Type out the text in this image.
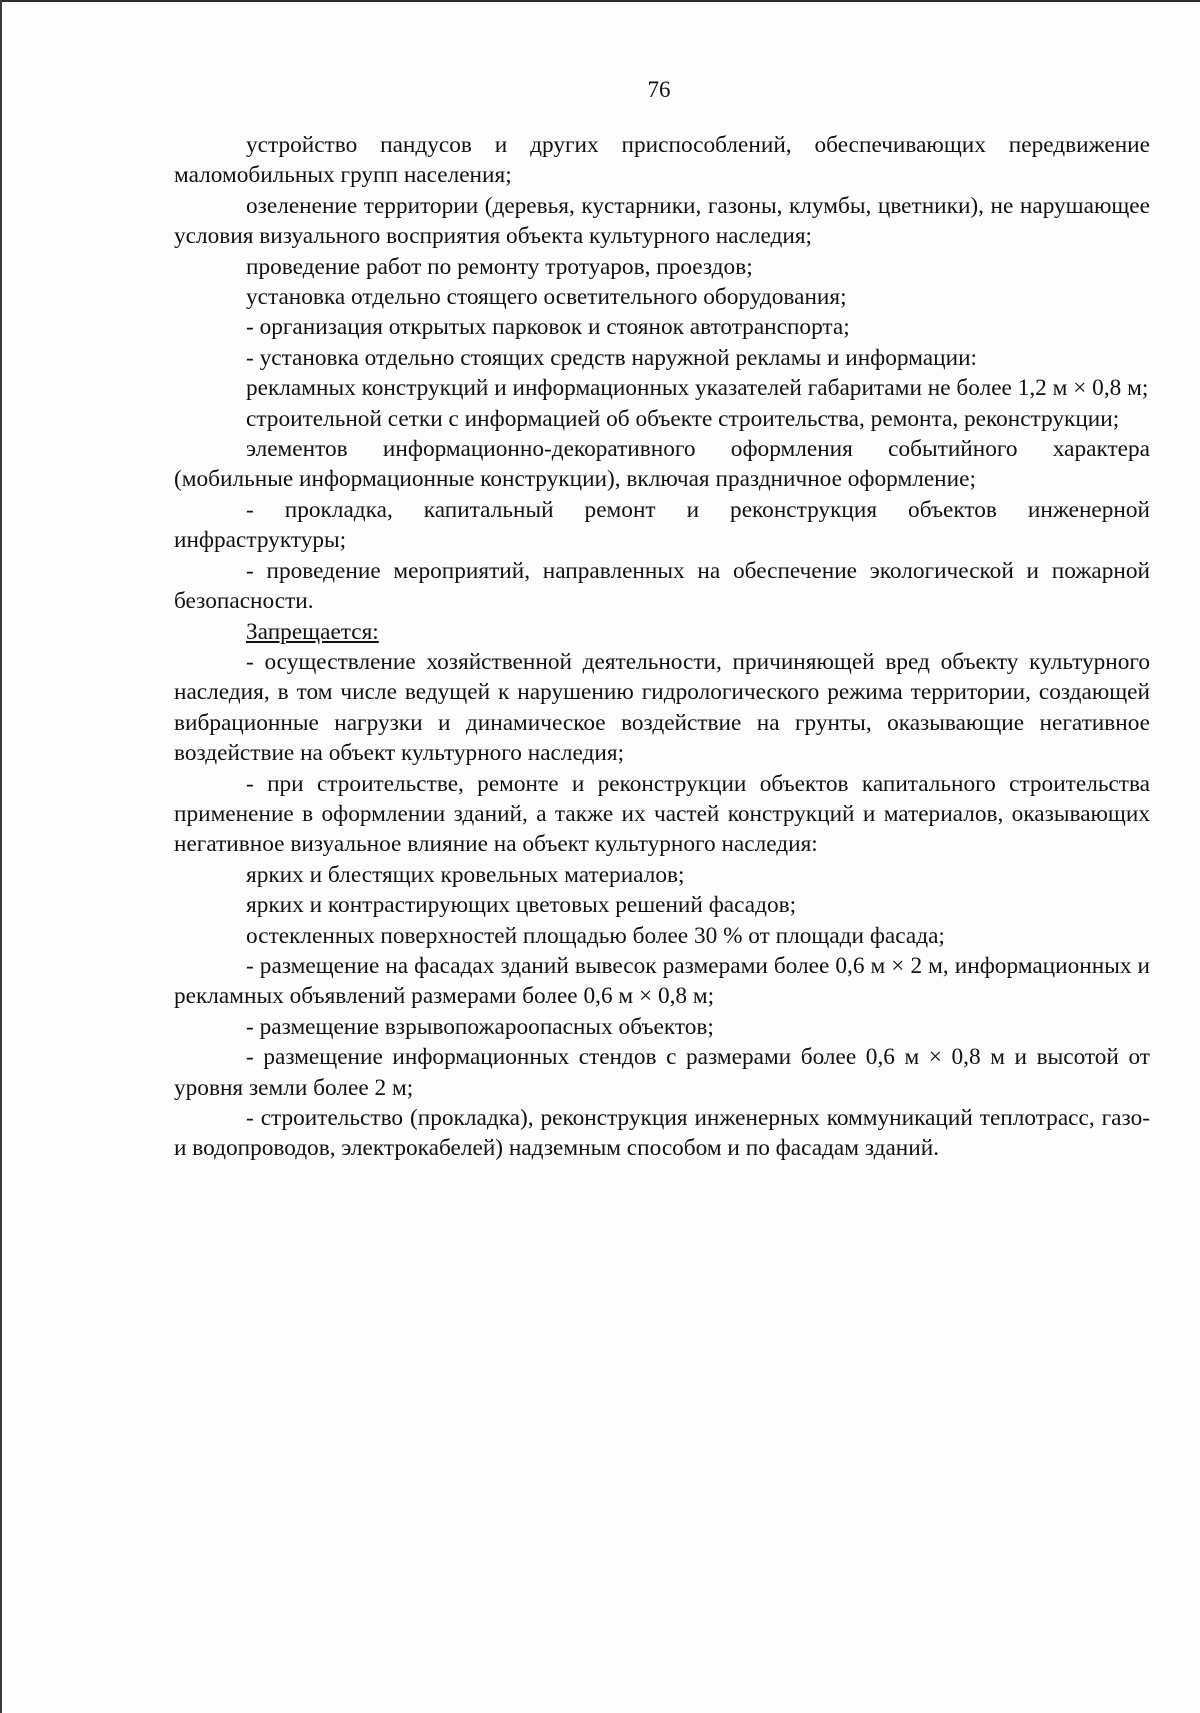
76

устройство пандусов и других приспособлений, обеспечивающих передвижение маломобильных групп населения;

озеленение территории (деревья, кустарники, газоны, клумбы, цветники), не нарушающее условия визуального восприятия объекта культурного наследия;

проведение работ по ремонту тротуаров, проездов;

установка отдельно стоящего осветительного оборудования;

- организация открытых парковок и стоянок автотранспорта;

- установка отдельно стоящих средств наружной рекламы и информации:

рекламных конструкций и информационных указателей габаритами не более 1,2 м × 0,8 м;

строительной сетки с информацией об объекте строительства, ремонта, реконструкции;

элементов информационно-декоративного оформления событийного характера (мобильные информационные конструкции), включая праздничное оформление;

- прокладка, капитальный ремонт и реконструкция объектов инженерной инфраструктуры;

- проведение мероприятий, направленных на обеспечение экологической и пожарной безопасности.

Запрещается:

- осуществление хозяйственной деятельности, причиняющей вред объекту культурного наследия, в том числе ведущей к нарушению гидрологического режима территории, создающей вибрационные нагрузки и динамическое воздействие на грунты, оказывающие негативное воздействие на объект культурного наследия;

- при строительстве, ремонте и реконструкции объектов капитального строительства применение в оформлении зданий, а также их частей конструкций и материалов, оказывающих негативное визуальное влияние на объект культурного наследия:

ярких и блестящих кровельных материалов;

ярких и контрастирующих цветовых решений фасадов;

остекленных поверхностей площадью более 30 % от площади фасада;

- размещение на фасадах зданий вывесок размерами более 0,6 м × 2 м, информационных и рекламных объявлений размерами более 0,6 м × 0,8 м;

- размещение взрывопожароопасных объектов;

- размещение информационных стендов с размерами более 0,6 м × 0,8 м и высотой от уровня земли более 2 м;

- строительство (прокладка), реконструкция инженерных коммуникаций теплотрасс, газо- и водопроводов, электрокабелей) надземным способом и по фасадам зданий.
